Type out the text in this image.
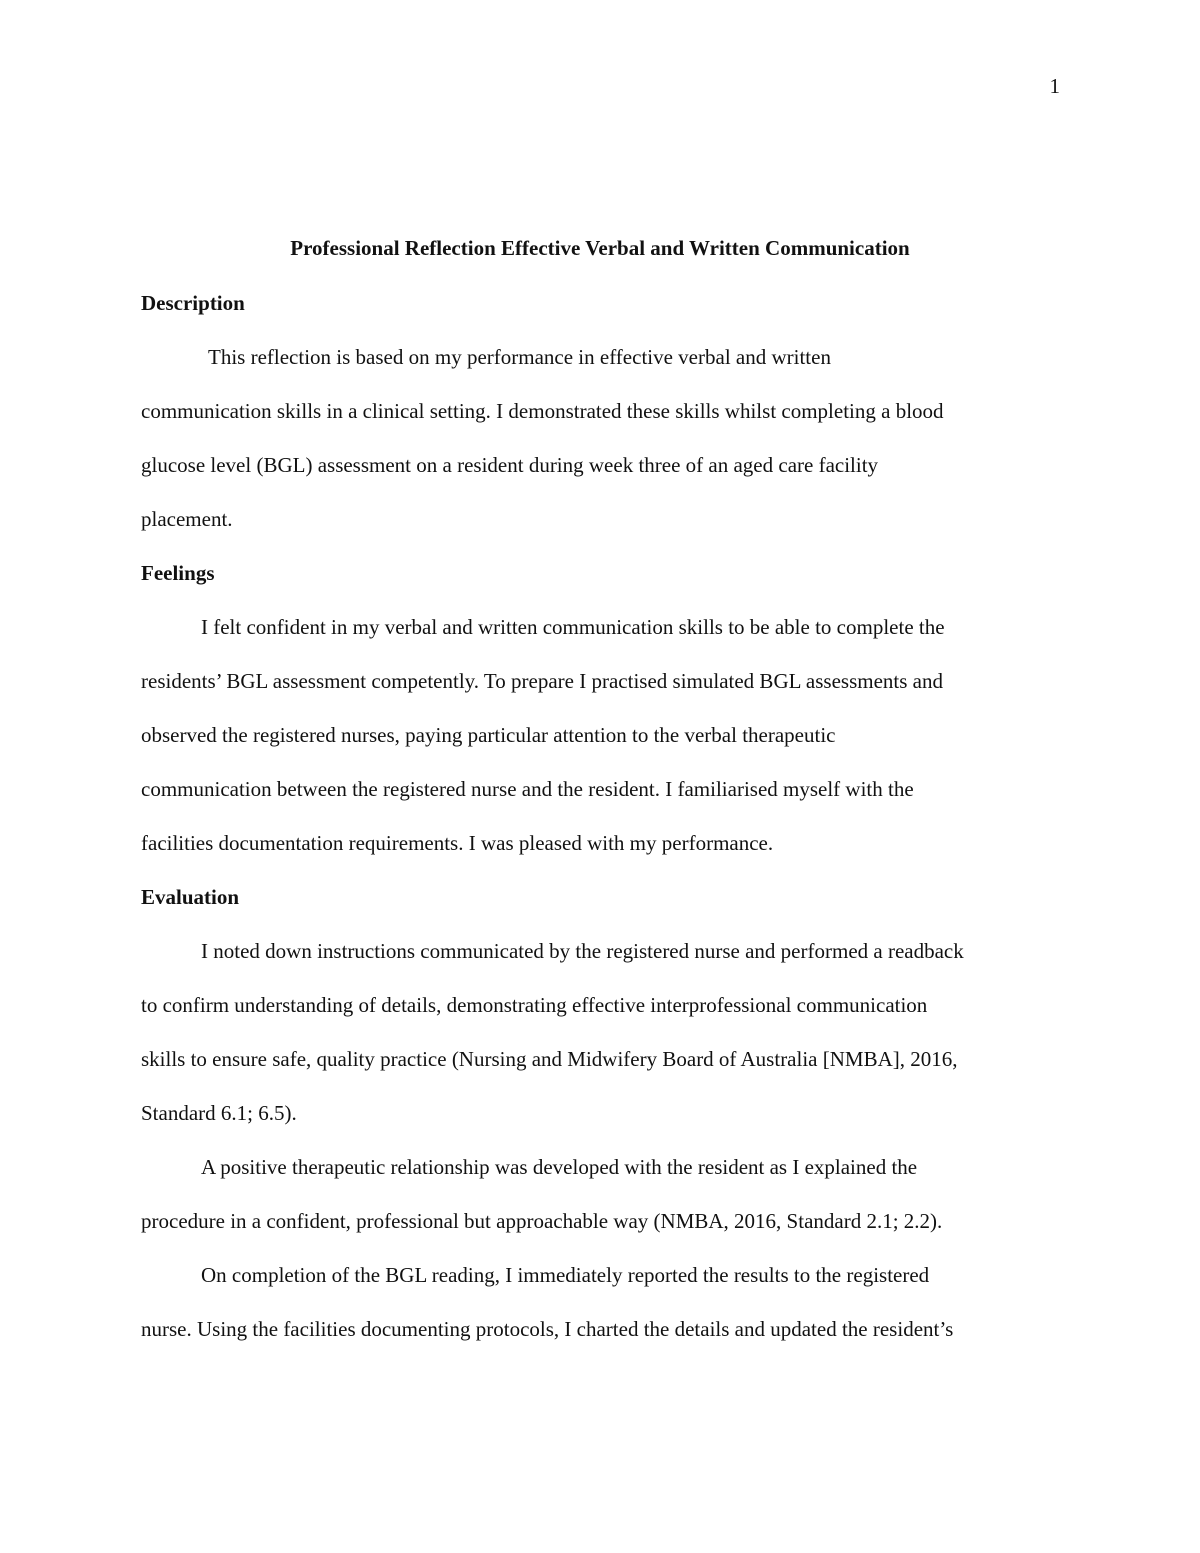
1
Professional Reflection Effective Verbal and Written Communication
Description

This reflection is based on my performance in effective verbal and written

communication skills in a clinical setting. I demonstrated these skills whilst completing a blood

glucose level (BGL) assessment on a resident during week three of an aged care facility

placement.

Feelings

I felt confident in my verbal and written communication skills to be able to complete the

residents’ BGL assessment competently. To prepare I practised simulated BGL assessments and

observed the registered nurses, paying particular attention to the verbal therapeutic

communication between the registered nurse and the resident. I familiarised myself with the

facilities documentation requirements. I was pleased with my performance.

Evaluation

I noted down instructions communicated by the registered nurse and performed a readback

to confirm understanding of details, demonstrating effective interprofessional communication

skills to ensure safe, quality practice (Nursing and Midwifery Board of Australia [NMBA], 2016,

Standard 6.1; 6.5).

A positive therapeutic relationship was developed with the resident as I explained the

procedure in a confident, professional but approachable way (NMBA, 2016, Standard 2.1; 2.2).

On completion of the BGL reading, I immediately reported the results to the registered

nurse. Using the facilities documenting protocols, I charted the details and updated the resident’s
